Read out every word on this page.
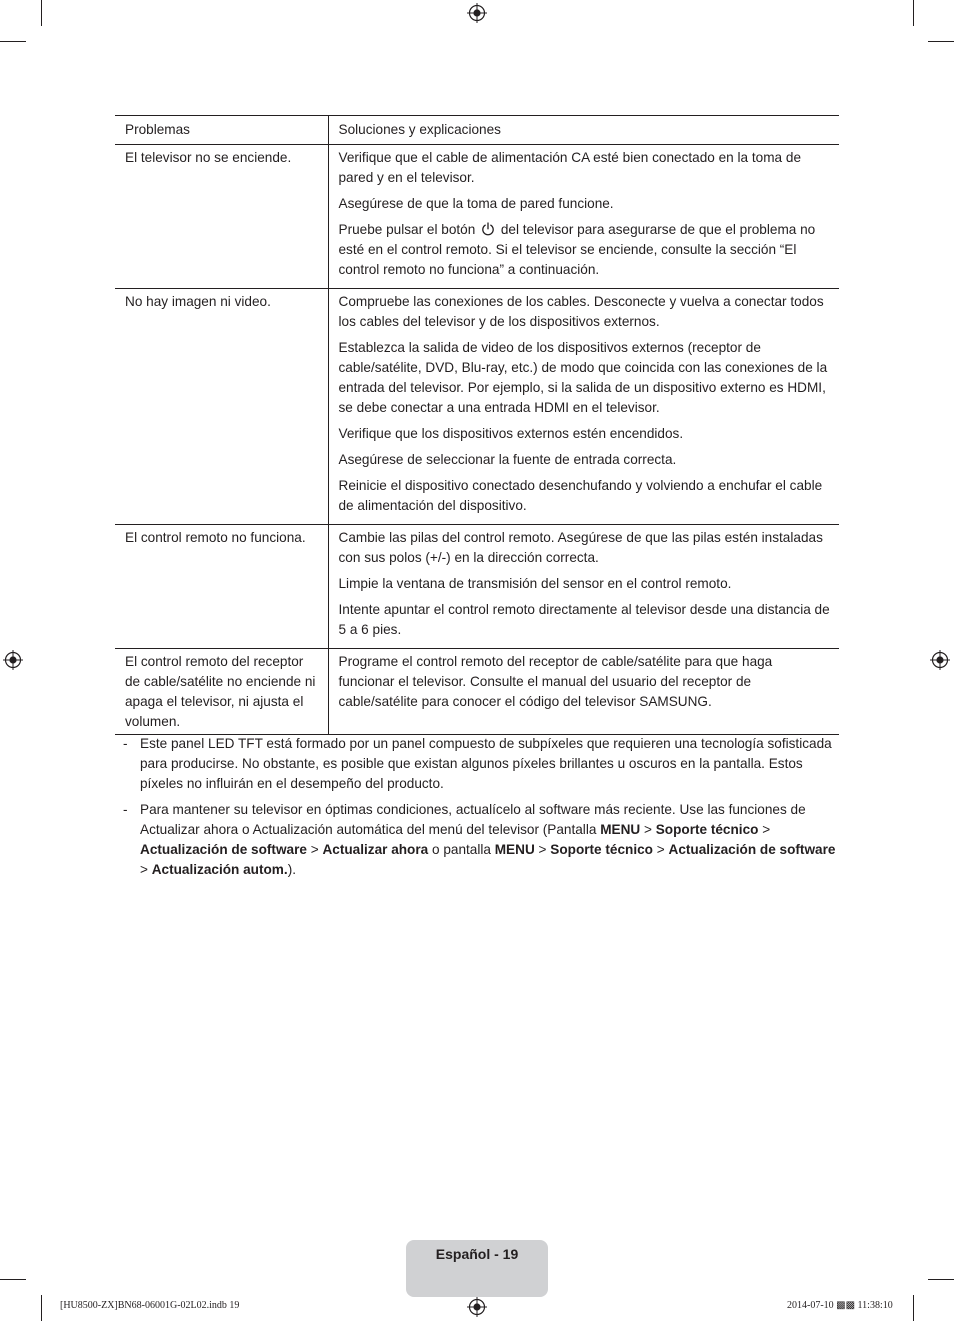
Problemas	Soluciones y explicaciones
El televisor no se enciende.	Verifique que el cable de alimentación CA esté bien conectado en la toma de pared y en el televisor.

Asegúrese de que la toma de pared funcione.

Pruebe pulsar el botón del televisor para asegurarse de que el problema no esté en el control remoto. Si el televisor se enciende, consulte la sección “El control remoto no funciona” a continuación.

No hay imagen ni video.	Compruebe las conexiones de los cables. Desconecte y vuelva a conectar todos los cables del televisor y de los dispositivos externos.

Establezca la salida de video de los dispositivos externos (receptor de cable/satélite, DVD, Blu-ray, etc.) de modo que coincida con las conexiones de la entrada del televisor. Por ejemplo, si la salida de un dispositivo externo es HDMI, se debe conectar a una entrada HDMI en el televisor.

Verifique que los dispositivos externos estén encendidos.

Asegúrese de seleccionar la fuente de entrada correcta.

Reinicie el dispositivo conectado desenchufando y volviendo a enchufar el cable de alimentación del dispositivo.

El control remoto no funciona.	Cambie las pilas del control remoto. Asegúrese de que las pilas estén instaladas con sus polos (+/-) en la dirección correcta.

Limpie la ventana de transmisión del sensor en el control remoto.

Intente apuntar el control remoto directamente al televisor desde una distancia de 5 a 6 pies.

El control remoto del receptor de cable/satélite no enciende ni apaga el televisor, ni ajusta el volumen.	Programe el control remoto del receptor de cable/satélite para que haga funcionar el televisor. Consulte el manual del usuario del receptor de cable/satélite para conocer el código del televisor SAMSUNG.

- Este panel LED TFT está formado por un panel compuesto de subpíxeles que requieren una tecnología sofisticada para producirse. No obstante, es posible que existan algunos píxeles brillantes u oscuros en la pantalla. Estos píxeles no influirán en el desempeño del producto.
- Para mantener su televisor en óptimas condiciones, actualícelo al software más reciente. Use las funciones de Actualizar ahora o Actualización automática del menú del televisor (Pantalla MENU > Soporte técnico > Actualización de software > Actualizar ahora o pantalla MENU > Soporte técnico > Actualización de software > Actualización autom.).
Español - 19
[HU8500-ZX]BN68-06001G-02L02.indb 19	2014-07-10 ▩▩ 11:38:10
